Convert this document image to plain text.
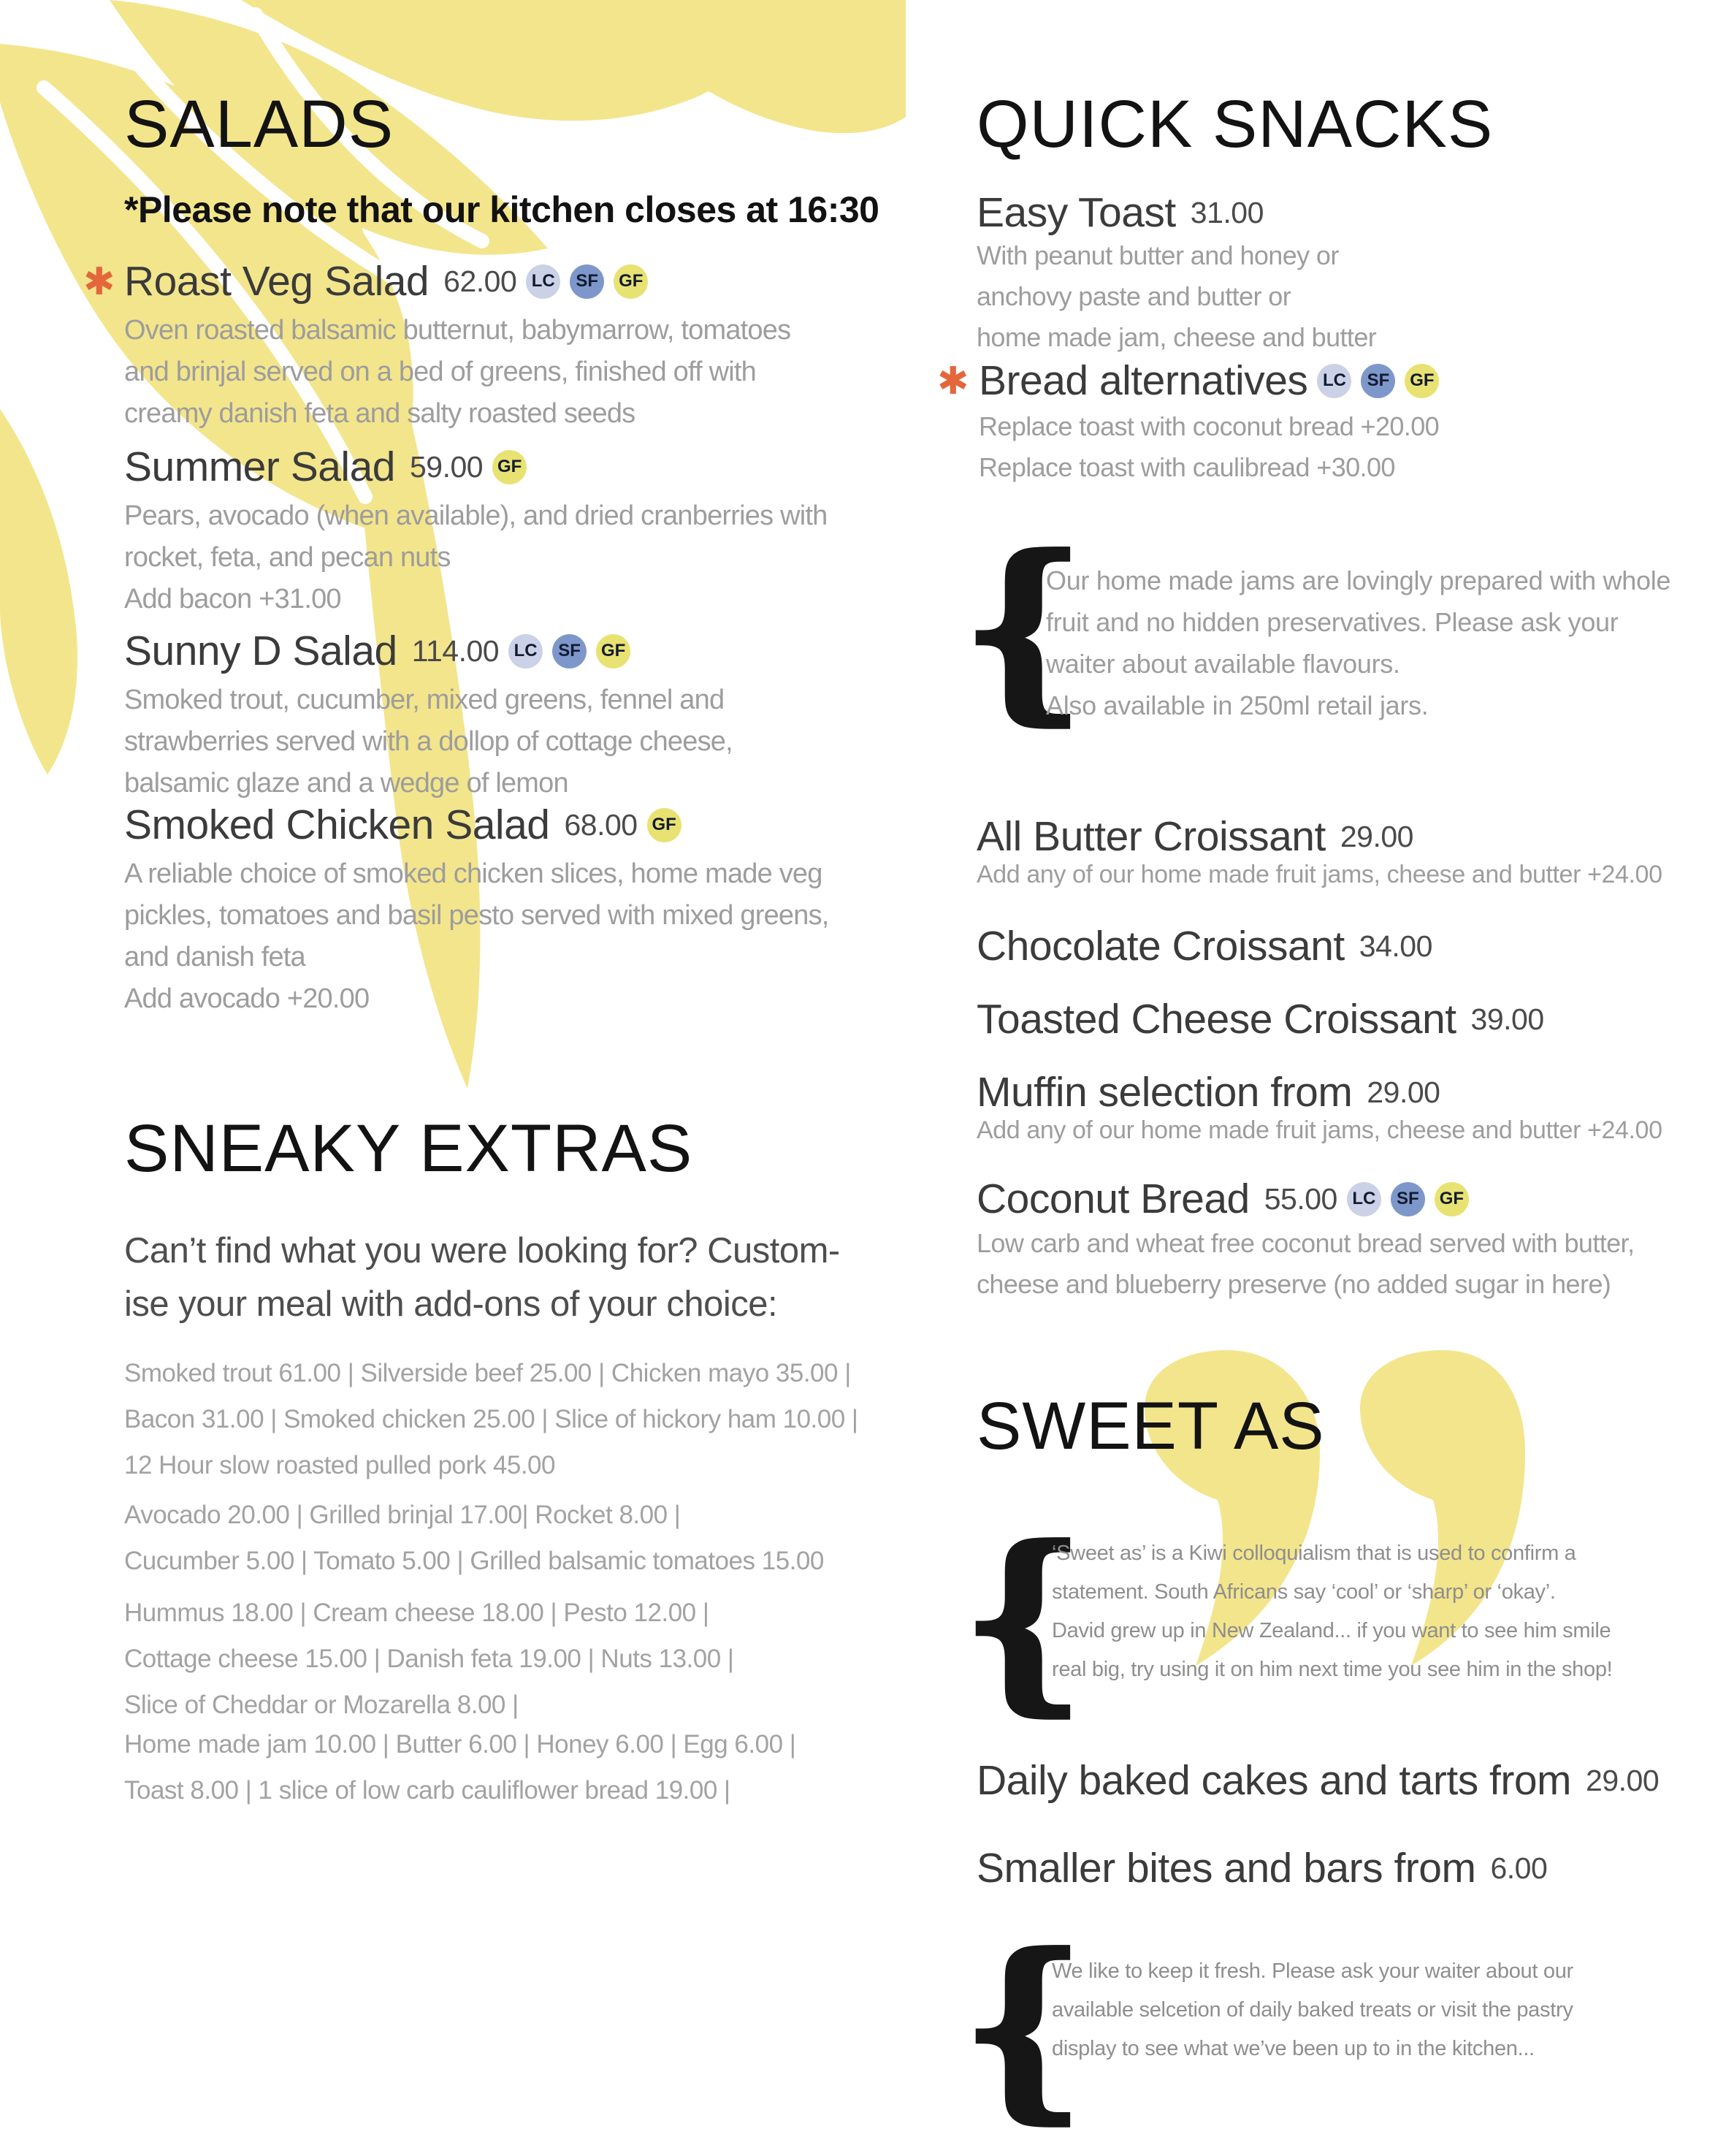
SALADS
*Please note that our kitchen closes at 16:30
✱ Roast Veg Salad 62.00 LC	SF	GF
Oven roasted balsamic butternut, babymarrow, tomatoes
and brinjal served on a bed of greens, finished off with
creamy danish feta and salty roasted seeds
Summer Salad 59.00 GF
Pears, avocado (when available), and dried cranberries with
rocket, feta, and pecan nuts
Add bacon +31.00
Sunny D Salad 114.00 LC	SF	GF
Smoked trout, cucumber, mixed greens, fennel and
strawberries served with a dollop of cottage cheese,
balsamic glaze and a wedge of lemon
Smoked Chicken Salad 68.00 GF
A reliable choice of smoked chicken slices, home made veg
pickles, tomatoes and basil pesto served with mixed greens,
and danish feta
Add avocado +20.00
SNEAKY EXTRAS
Can’t find what you were looking for? Custom-
ise your meal with add-ons of your choice:
Smoked trout 61.00 | Silverside beef 25.00 | Chicken mayo 35.00 |
Bacon 31.00 | Smoked chicken 25.00 | Slice of hickory ham 10.00 |
12 Hour slow roasted pulled pork 45.00
Avocado 20.00 | Grilled brinjal 17.00| Rocket 8.00 |
Cucumber 5.00 | Tomato 5.00 | Grilled balsamic tomatoes 15.00
Hummus 18.00 | Cream cheese 18.00 | Pesto 12.00 |
Cottage cheese 15.00 | Danish feta 19.00 | Nuts 13.00 |
Slice of Cheddar or Mozarella 8.00 |
Home made jam 10.00 | Butter 6.00 | Honey 6.00 | Egg 6.00 |
Toast 8.00 | 1 slice of low carb cauliflower bread 19.00 |
QUICK SNACKS
Easy Toast 31.00
With peanut butter and honey or
anchovy paste and butter or
home made jam, cheese and butter
✱ Bread alternatives LC	SF	GF
Replace toast with coconut bread +20.00
Replace toast with caulibread +30.00
{
Our home made jams are lovingly prepared with whole
fruit and no hidden preservatives. Please ask your
waiter about available flavours.
Also available in 250ml retail jars.
All Butter Croissant 29.00
Add any of our home made fruit jams, cheese and butter +24.00
Chocolate Croissant 34.00
Toasted Cheese Croissant 39.00
Muffin selection from 29.00
Add any of our home made fruit jams, cheese and butter +24.00
Coconut Bread 55.00 LC	SF	GF
Low carb and wheat free coconut bread served with butter,
cheese and blueberry preserve (no added sugar in here)
SWEET AS
{
‘Sweet as’ is a Kiwi colloquialism that is used to confirm a
statement. South Africans say ‘cool’ or ‘sharp’ or ‘okay’.
David grew up in New Zealand... if you want to see him smile
real big, try using it on him next time you see him in the shop!
Daily baked cakes and tarts from 29.00
Smaller bites and bars from 6.00
{
We like to keep it fresh. Please ask your waiter about our
available selcetion of daily baked treats or visit the pastry
display to see what we’ve been up to in the kitchen...
